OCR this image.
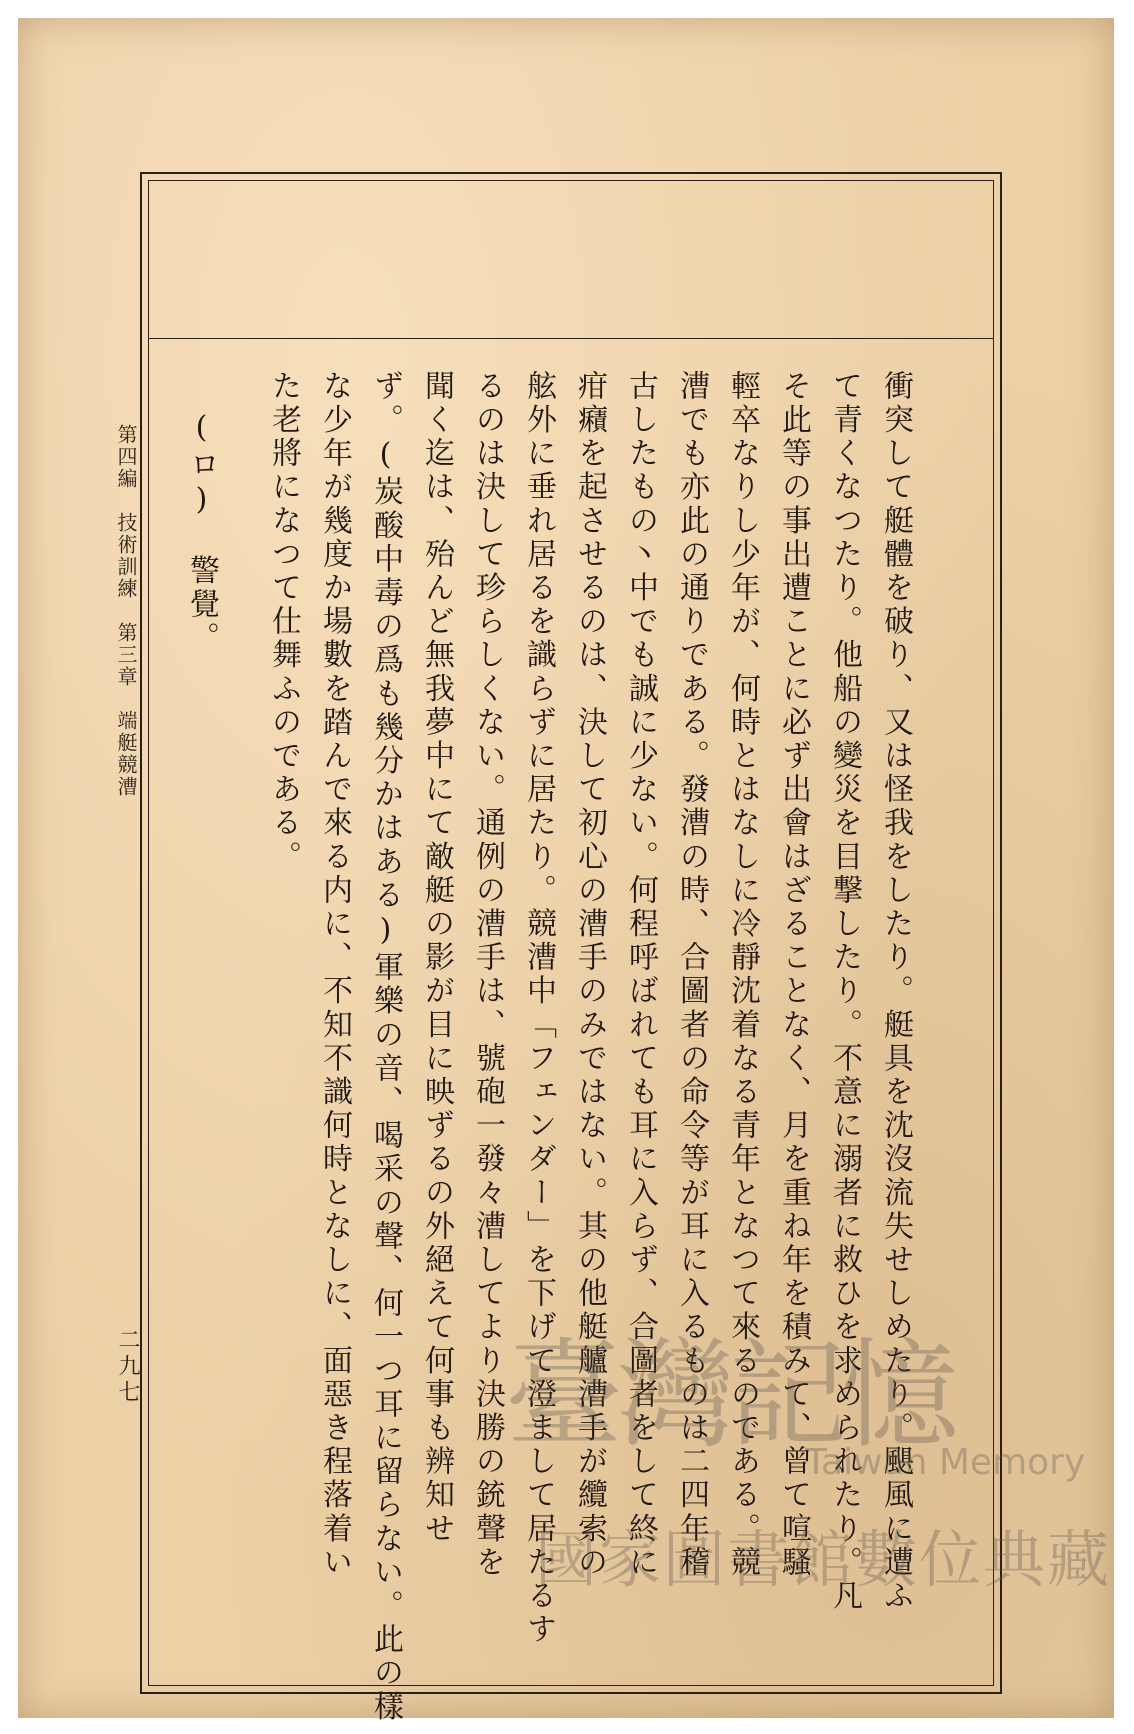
衝突して艇體を破り、又は怪我をしたり。艇具を沈沒流失せしめたり。颶風に遭ふ
て青くなつたり。他船の變災を目撃したり。不意に溺者に救ひを求められたり。凡
そ此等の事出遭ことに必ず出會はざることなく、月を重ね年を積みて、曾て喧騷
輕卒なりし少年が、何時とはなしに冷靜沈着なる青年となつて來るのである。競
漕でも亦此の通りである。發漕の時、合圖者の命令等が耳に入るものは二四年稽
古したもの丶中でも誠に少ない。何程呼ばれても耳に入らず、合圖者をして終に
疳癪を起させるのは、決して初心の漕手のみではない。其の他艇艫漕手が纜索の
舷外に垂れ居るを識らずに居たり。競漕中「フェンダー」を下げて澄まして居たるす
るのは決して珍らしくない。通例の漕手は、號砲一發々漕してより決勝の銃聲を
聞く迄は、殆んど無我夢中にて敵艇の影が目に映ずるの外絕えて何事も辨知せ
ず。(炭酸中毒の爲も幾分かはある)軍樂の音、喝采の聲、何一つ耳に留らない。此の樣
な少年が幾度か場數を踏んで來る内に、不知不識何時となしに、面惡き程落着い
た老將になつて仕舞ふのである。
(ロ)　警覺。
第四編　技術訓練　第三章　端艇競漕
二九七	臺灣記憶
Taiwan Memory
國家圖書館數位典藏
